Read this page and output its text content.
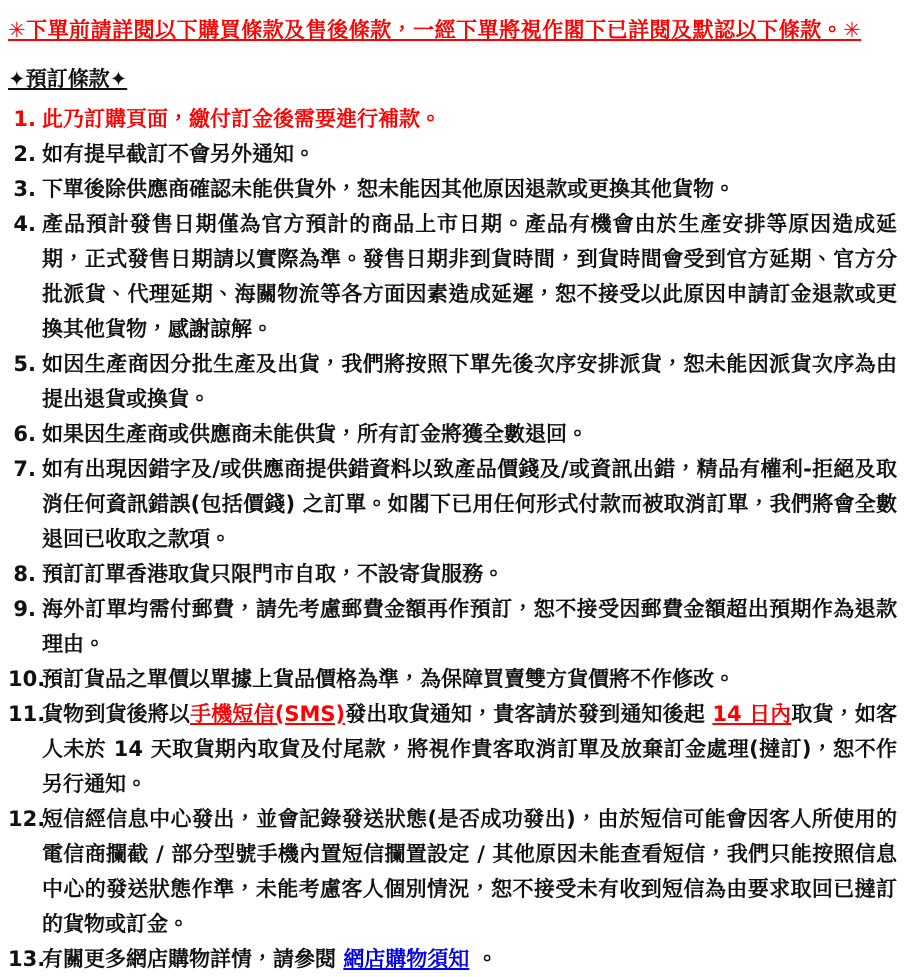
✳下單前請詳閱以下購買條款及售後條款，一經下單將視作閣下已詳閱及默認以下條款。✳

✦預訂條款✦

1. 此乃訂購頁面，繳付訂金後需要進行補款。
2. 如有提早截訂不會另外通知。
3. 下單後除供應商確認未能供貨外，恕未能因其他原因退款或更換其他貨物。
4. 產品預計發售日期僅為官方預計的商品上市日期。產品有機會由於生產安排等原因造成延期，正式發售日期請以實際為準。發售日期非到貨時間，到貨時間會受到官方延期、官方分批派貨、代理延期、海關物流等各方面因素造成延遲，恕不接受以此原因申請訂金退款或更換其他貨物，感謝諒解。
5. 如因生產商因分批生產及出貨，我們將按照下單先後次序安排派貨，恕未能因派貨次序為由提出退貨或換貨。
6. 如果因生產商或供應商未能供貨，所有訂金將獲全數退回。
7. 如有出現因錯字及/或供應商提供錯資料以致產品價錢及/或資訊出錯，精品有權利-拒絕及取消任何資訊錯誤(包括價錢) 之訂單。如閣下已用任何形式付款而被取消訂單，我們將會全數退回已收取之款項。
8. 預訂訂單香港取貨只限門市自取，不設寄貨服務。
9. 海外訂單均需付郵費，請先考慮郵費金額再作預訂，恕不接受因郵費金額超出預期作為退款理由。
10.
預訂貨品之單價以單據上貨品價格為準，為保障買賣雙方貨價將不作修改。
11.
貨物到貨後將以手機短信(SMS)發出取貨通知，貴客請於發到通知後起 14 日內取貨，如客人未於 14 天取貨期內取貨及付尾款，將視作貴客取消訂單及放棄訂金處理(撻訂)，恕不作另行通知。
12.
短信經信息中心發出，並會記錄發送狀態(是否成功發出)，由於短信可能會因客人所使用的電信商攔截 / 部分型號手機內置短信攔置設定 / 其他原因未能查看短信，我們只能按照信息中心的發送狀態作準，未能考慮客人個別情況，恕不接受未有收到短信為由要求取回已撻訂的貨物或訂金。
13.
有關更多網店購物詳情，請參閱 網店購物須知 。
